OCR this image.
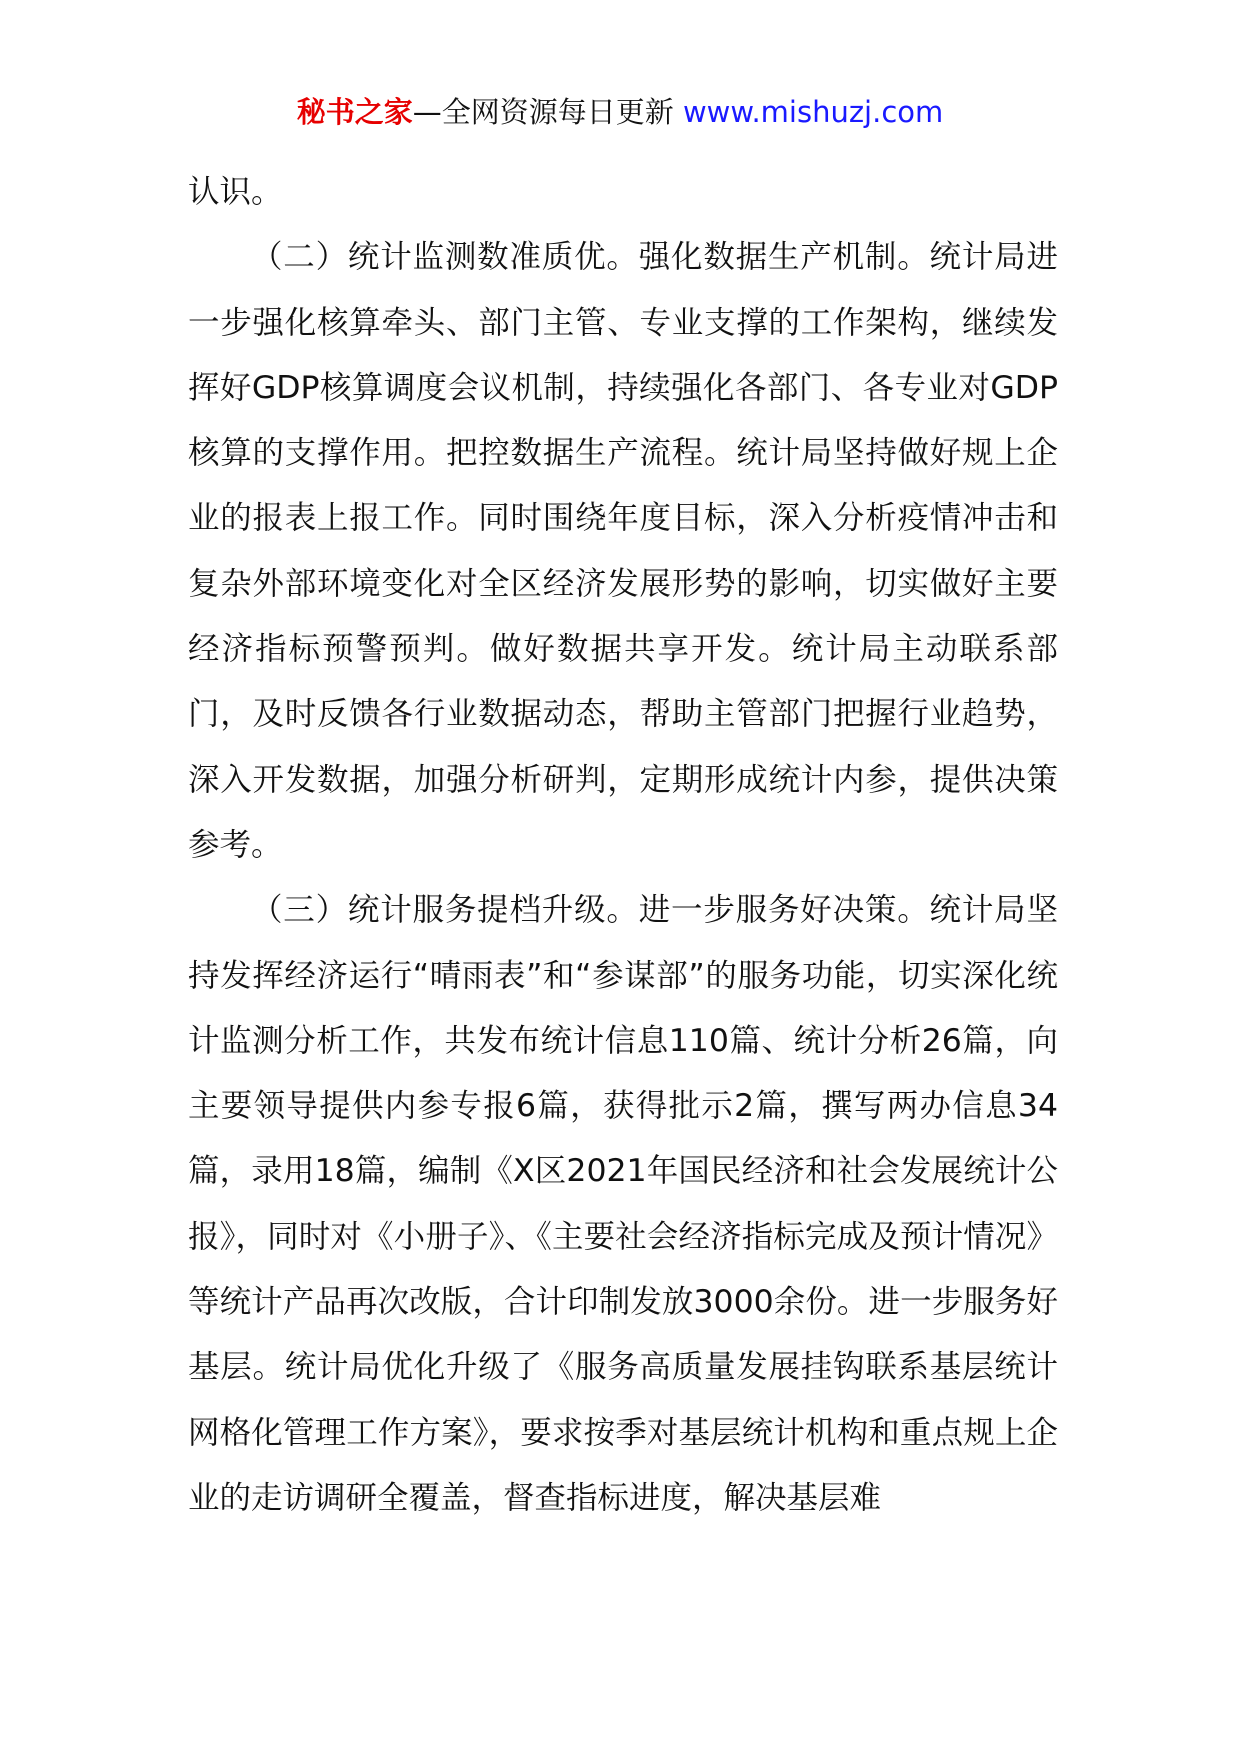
秘书之家—全网资源每日更新 www.mishuzj.com

认识。

（二）统计监测数准质优。强化数据生产机制。统计局进一步强化核算牵头、部门主管、专业支撑的工作架构，继续发挥好GDP核算调度会议机制，持续强化各部门、各专业对GDP核算的支撑作用。把控数据生产流程。统计局坚持做好规上企业的报表上报工作。同时围绕年度目标，深入分析疫情冲击和复杂外部环境变化对全区经济发展形势的影响，切实做好主要经济指标预警预判。做好数据共享开发。统计局主动联系部门，及时反馈各行业数据动态，帮助主管部门把握行业趋势，深入开发数据，加强分析研判，定期形成统计内参，提供决策参考。

（三）统计服务提档升级。进一步服务好决策。统计局坚持发挥经济运行“晴雨表”和“参谋部”的服务功能，切实深化统计监测分析工作，共发布统计信息110篇、统计分析26篇，向主要领导提供内参专报6篇，获得批示2篇，撰写两办信息34篇，录用18篇，编制《X区2021年国民经济和社会发展统计公报》，同时对《小册子》、《主要社会经济指标完成及预计情况》等统计产品再次改版，合计印制发放3000余份。进一步服务好基层。统计局优化升级了《服务高质量发展挂钩联系基层统计网格化管理工作方案》，要求按季对基层统计机构和重点规上企业的走访调研全覆盖，督查指标进度，解决基层难
